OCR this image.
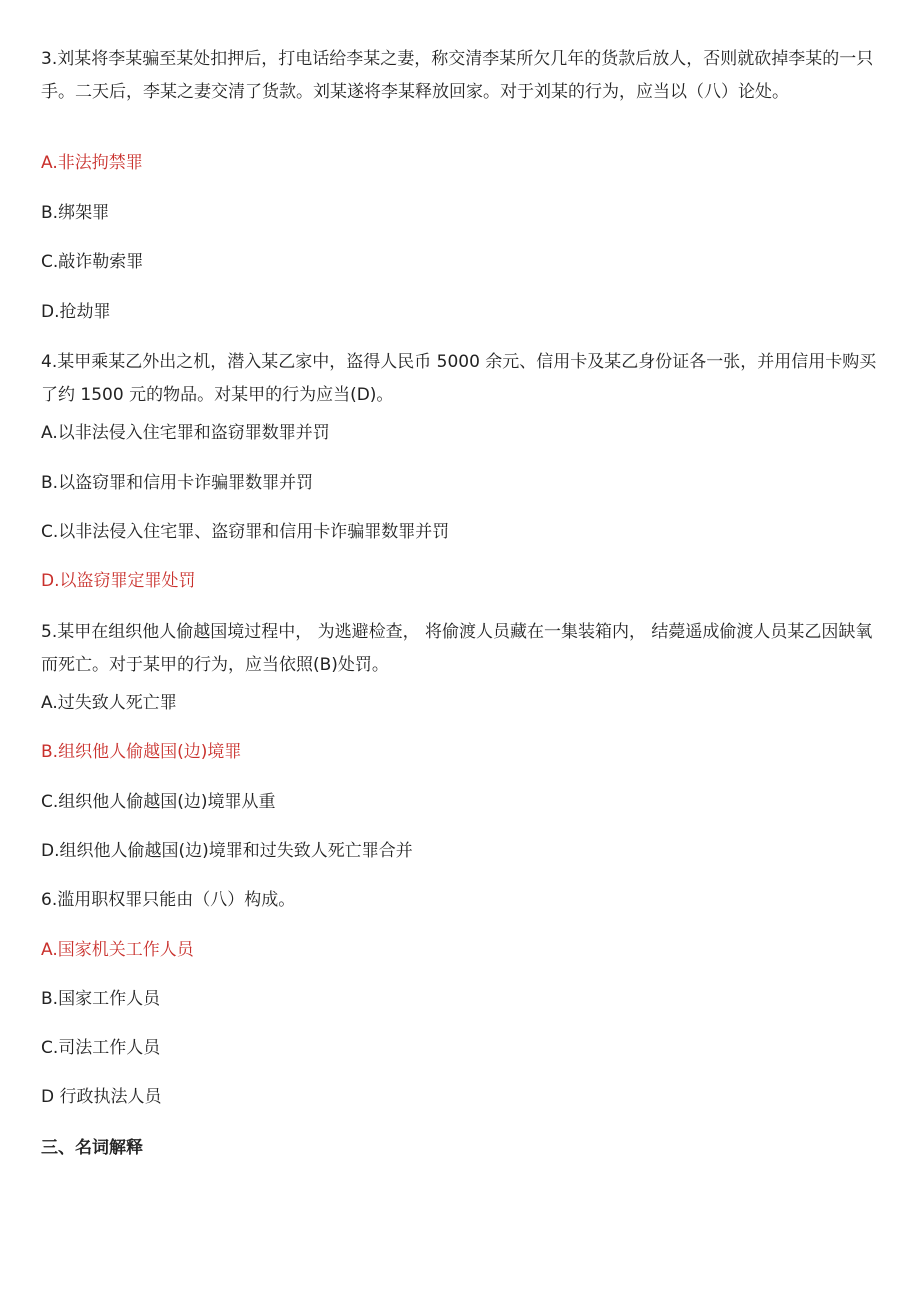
3.刘某将李某骗至某处扣押后，打电话给李某之妻，称交清李某所欠几年的货款后放人，否则就砍掉李某的一只手。二天后，李某之妻交清了货款。刘某遂将李某释放回家。对于刘某的行为，应当以（八）论处。
A.非法拘禁罪
B.绑架罪
C.敲诈勒索罪
D.抢劫罪
4.某甲乘某乙外出之机，潜入某乙家中，盗得人民币 5000 余元、信用卡及某乙身份证各一张，并用信用卡购买了约 1500 元的物品。对某甲的行为应当(D)。
A.以非法侵入住宅罪和盗窃罪数罪并罚
B.以盗窃罪和信用卡诈骗罪数罪并罚
C.以非法侵入住宅罪、盗窃罪和信用卡诈骗罪数罪并罚
D.以盗窃罪定罪处罚
5.某甲在组织他人偷越国境过程中， 为逃避检查， 将偷渡人员藏在一集装箱内， 结薨遥成偷渡人员某乙因缺氧而死亡。对于某甲的行为，应当依照(B)处罚。
A.过失致人死亡罪
B.组织他人偷越国(边)境罪
C.组织他人偷越国(边)境罪从重
D.组织他人偷越国(边)境罪和过失致人死亡罪合并
6.滥用职权罪只能由（八）构成。
A.国家机关工作人员
B.国家工作人员
C.司法工作人员
D 行政执法人员
三、名词解释
